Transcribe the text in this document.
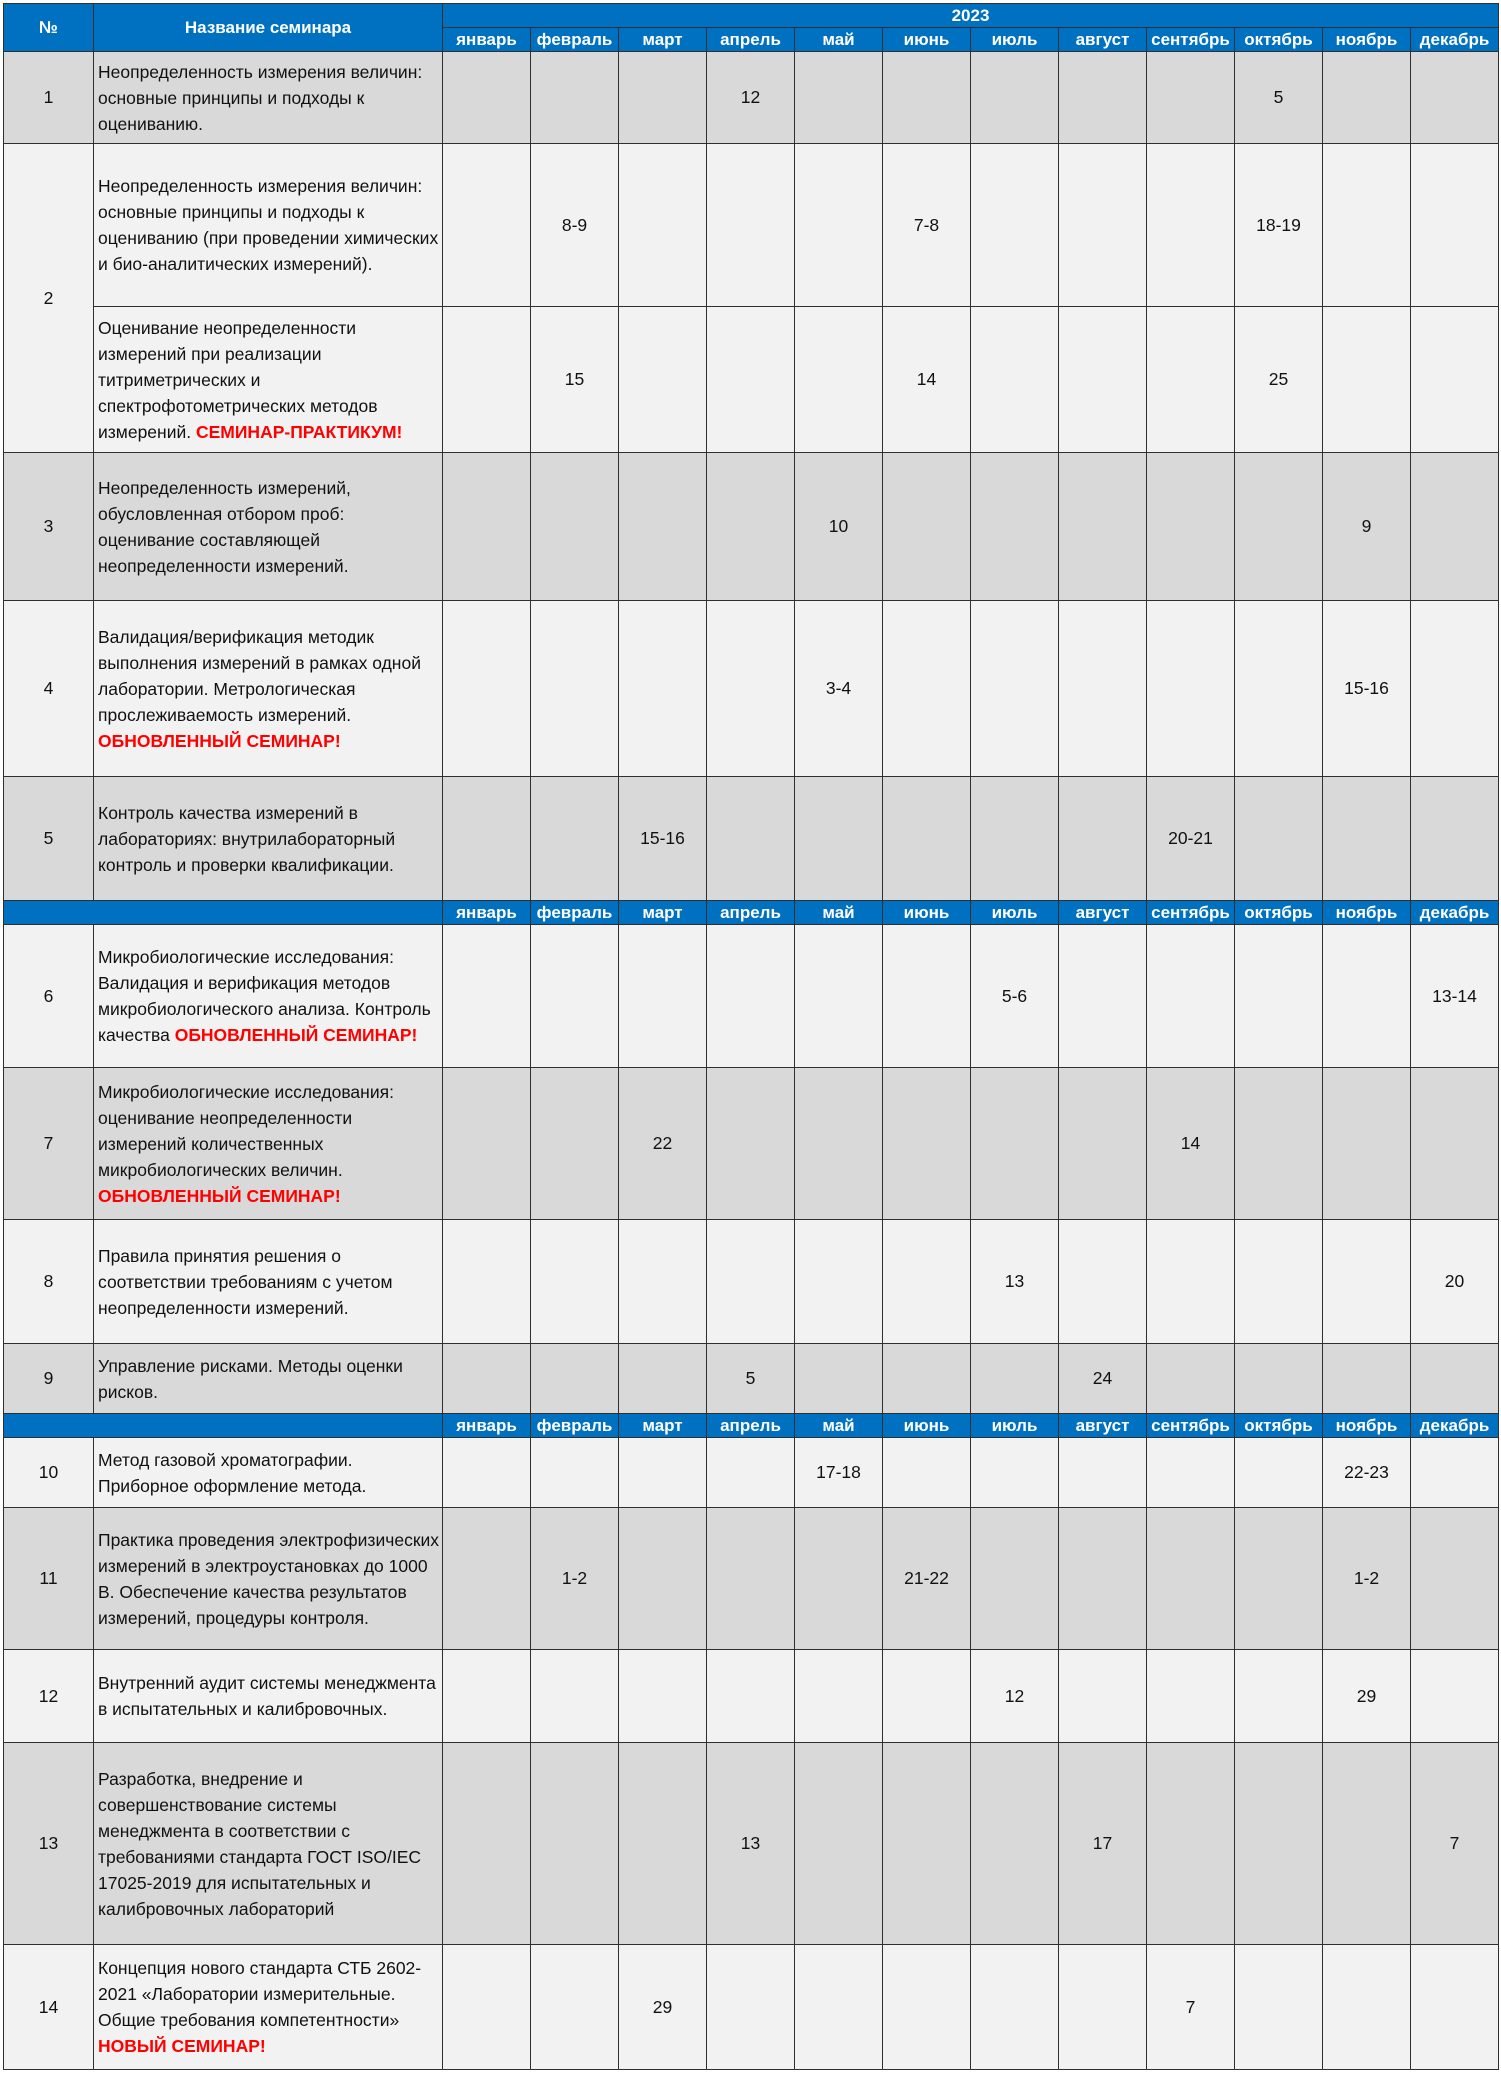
№	Название семинара	2023											
		январь	февраль	март	апрель	май	июнь	июль	август	сентябрь	октябрь	ноябрь	декабрь
1	Неопределенность измерения величин: основные принципы и подходы к оцениванию.				12						5		
2	Неопределенность измерения величин: основные принципы и подходы к оцениванию (при проведении химических и био-аналитических измерений).		8-9				7-8				18-19		
	Оценивание неопределенности измерений при реализации титриметрических и спектрофотометрических методов измерений. СЕМИНАР-ПРАКТИКУМ!		15				14				25		
3	Неопределенность измерений, обусловленная отбором проб: оценивание составляющей неопределенности измерений.					10						9	
4	Валидация/верификация методик выполнения измерений в рамках одной лаборатории. Метрологическая прослеживаемость измерений. ОБНОВЛЕННЫЙ СЕМИНАР!					3-4						15-16	
5	Контроль качества измерений в лабораториях: внутрилабораторный контроль и проверки квалификации.			15-16						20-21			
		январь	февраль	март	апрель	май	июнь	июль	август	сентябрь	октябрь	ноябрь	декабрь
6	Микробиологические исследования: Валидация и верификация методов микробиологического анализа. Контроль качества ОБНОВЛЕННЫЙ СЕМИНАР!							5-6					13-14
7	Микробиологические исследования: оценивание неопределенности измерений количественных микробиологических величин. ОБНОВЛЕННЫЙ СЕМИНАР!			22						14			
8	Правила принятия решения о соответствии требованиям с учетом неопределенности измерений.							13					20
9	Управление рисками. Методы оценки рисков.				5				24				
		январь	февраль	март	апрель	май	июнь	июль	август	сентябрь	октябрь	ноябрь	декабрь
10	Метод газовой хроматографии. Приборное оформление метода.					17-18						22-23	
11	Практика проведения электрофизических измерений в электроустановках до 1000 В. Обеспечение качества результатов измерений, процедуры контроля.		1-2				21-22					1-2	
12	Внутренний аудит системы менеджмента в испытательных и калибровочных.							12				29	
13	Разработка, внедрение и совершенствование системы менеджмента в соответствии с требованиями стандарта ГОСТ ISO/IEC 17025-2019 для испытательных и калибровочных лабораторий				13				17				7
14	Концепция нового стандарта СТБ 2602-2021 «Лаборатории измерительные. Общие требования компетентности» НОВЫЙ СЕМИНАР!			29						7			
